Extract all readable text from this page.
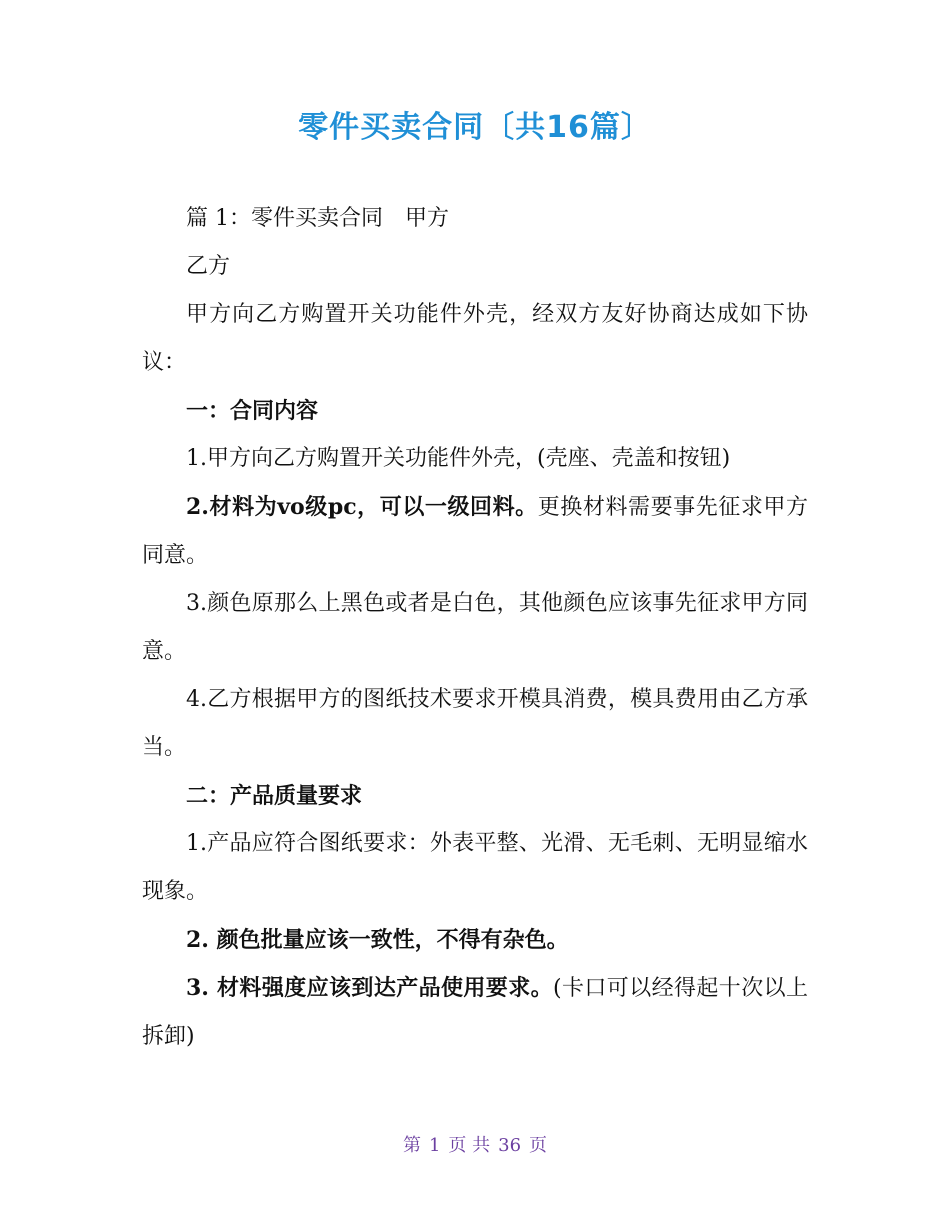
零件买卖合同〔共16篇〕

篇 1：零件买卖合同 甲方

乙方

甲方向乙方购置开关功能件外壳，经双方友好协商达成如下协议：

一：合同内容

1.甲方向乙方购置开关功能件外壳，(壳座、壳盖和按钮)

2.材料为vo级pc，可以一级回料。更换材料需要事先征求甲方同意。

3.颜色原那么上黑色或者是白色，其他颜色应该事先征求甲方同意。

4.乙方根据甲方的图纸技术要求开模具消费，模具费用由乙方承当。

二：产品质量要求

1.产品应符合图纸要求：外表平整、光滑、无毛刺、无明显缩水现象。

2. 颜色批量应该一致性，不得有杂色。

3. 材料强度应该到达产品使用要求。(卡口可以经得起十次以上拆卸)

第 1 页 共 36 页
